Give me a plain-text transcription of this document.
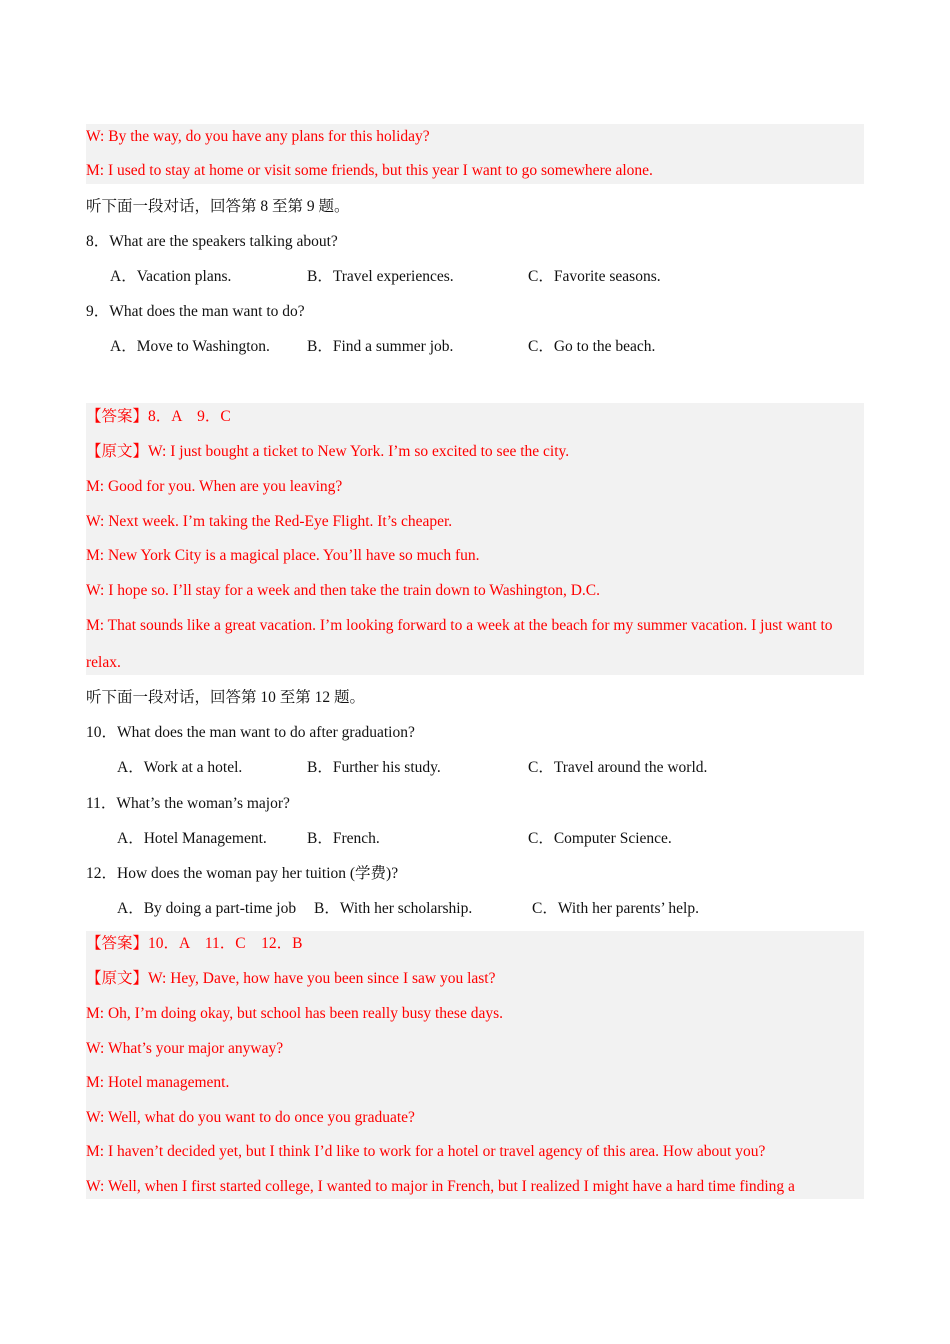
W: By the way, do you have any plans for this holiday?
M: I used to stay at home or visit some friends, but this year I want to go somewhere alone.
听下面一段对话，回答第 8 至第 9 题。
8．What are the speakers talking about?
A．Vacation plans.	B．Travel experiences.	C．Favorite seasons.
9．What does the man want to do?
A．Move to Washington. B．Find a summer job.	C．Go to the beach.
【答案】8．A　9．C
【原文】W: I just bought a ticket to New York. I’m so excited to see the city.
M: Good for you. When are you leaving?
W: Next week. I’m taking the Red-Eye Flight. It’s cheaper.
M: New York City is a magical place. You’ll have so much fun.
W: I hope so. I’ll stay for a week and then take the train down to Washington, D.C.
M: That sounds like a great vacation. I’m looking forward to a week at the beach for my summer vacation. I just want to relax.
听下面一段对话，回答第 10 至第 12 题。
10．What does the man want to do after graduation?
A．Work at a hotel.	B．Further his study.	C．Travel around the world.
11．What’s the woman’s major?
A．Hotel Management.	B．French.	C．Computer Science.
12．How does the woman pay her tuition (学费)?
A．By doing a part-time job B．With her scholarship.	C．With her parents’ help.
【答案】10．A　11．C　12．B
【原文】W: Hey, Dave, how have you been since I saw you last?
M: Oh, I’m doing okay, but school has been really busy these days.
W: What’s your major anyway?
M: Hotel management.
W: Well, what do you want to do once you graduate?
M: I haven’t decided yet, but I think I’d like to work for a hotel or travel agency of this area. How about you?
W: Well, when I first started college, I wanted to major in French, but I realized I might have a hard time finding a
